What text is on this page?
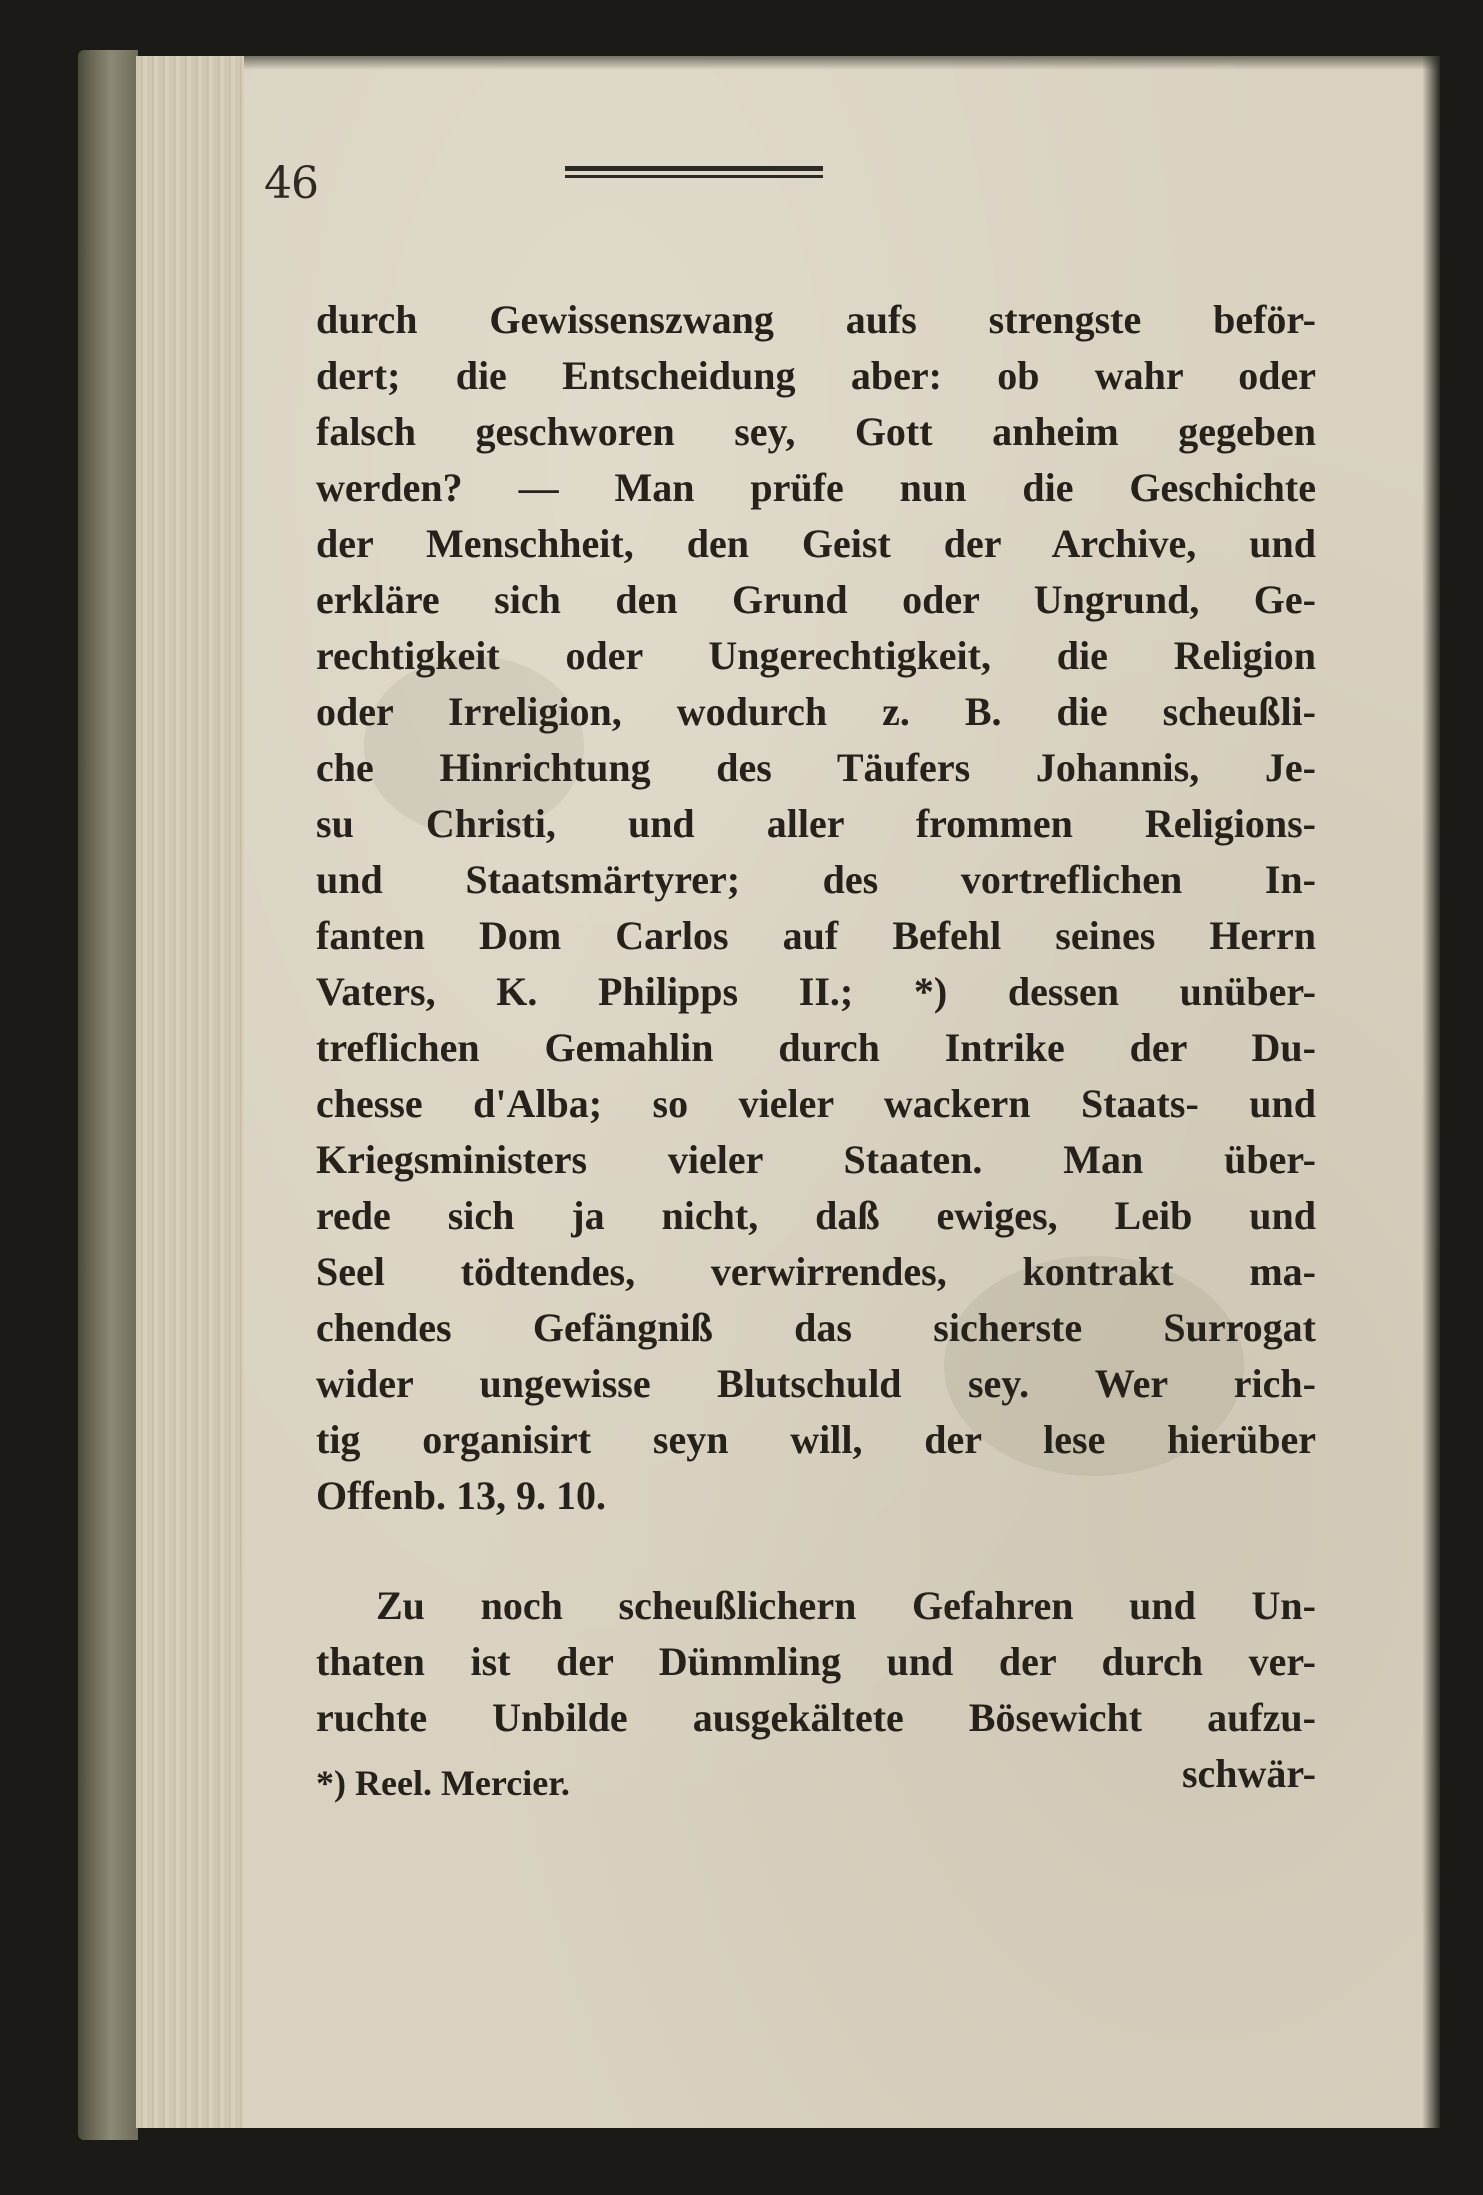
46
durch Gewissenszwang aufs strengste beför-
dert; die Entscheidung aber: ob wahr oder
falsch geschworen sey, Gott anheim gegeben
werden? — Man prüfe nun die Geschichte
der Menschheit, den Geist der Archive, und
erkläre sich den Grund oder Ungrund, Ge-
rechtigkeit oder Ungerechtigkeit, die Religion
oder Irreligion, wodurch z. B. die scheußli-
che Hinrichtung des Täufers Johannis, Je-
su Christi, und aller frommen Religions-
und Staatsmärtyrer; des vortreflichen In-
fanten Dom Carlos auf Befehl seines Herrn
Vaters, K. Philipps II.; *) dessen unüber-
treflichen Gemahlin durch Intrike der Du-
chesse d'Alba; so vieler wackern Staats- und
Kriegsministers vieler Staaten. Man über-
rede sich ja nicht, daß ewiges, Leib und
Seel tödtendes, verwirrendes, kontrakt ma-
chendes Gefängniß das sicherste Surrogat
wider ungewisse Blutschuld sey. Wer rich-
tig organisirt seyn will, der lese hierüber
Offenb. 13, 9. 10.
Zu noch scheußlichern Gefahren und Un-
thaten ist der Dümmling und der durch ver-
ruchte Unbilde ausgekältete Bösewicht aufzu-
schwär-
*) Reel. Mercier.
